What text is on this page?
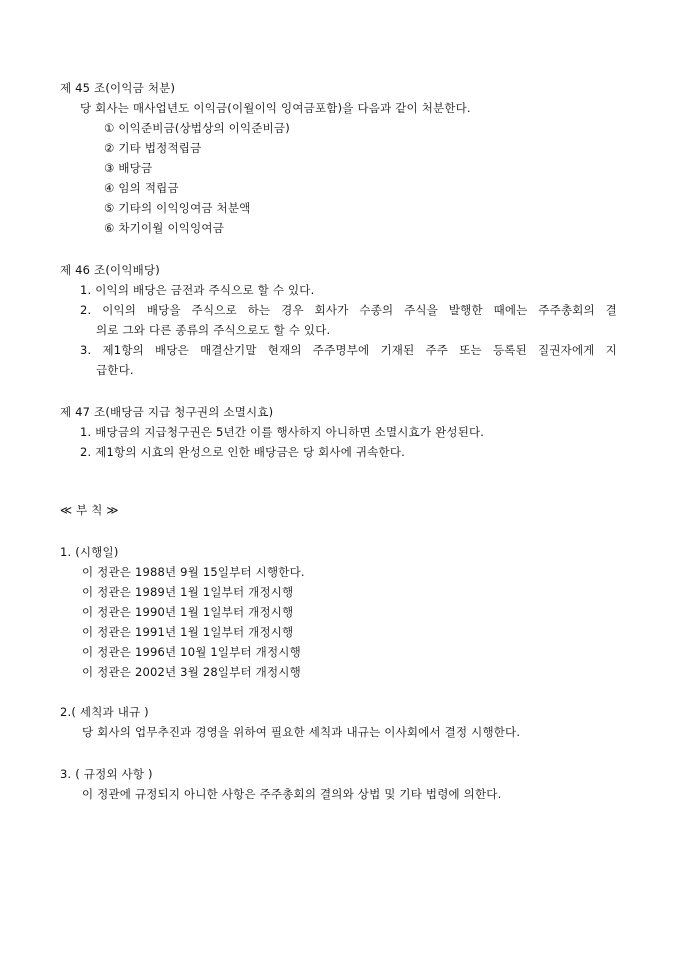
제 45 조(이익금 처분)
당 회사는 매사업년도 이익금(이월이익 잉여금포함)을 다음과 같이 처분한다.
① 이익준비금(상법상의 이익준비금)
② 기타 법정적립금
③ 배당금
④ 임의 적립금
⑤ 기타의 이익잉여금 처분액
⑥ 차기이월 이익잉여금
제 46 조(이익배당)
1. 이익의 배당은 금전과 주식으로 할 수 있다.
2. 이익의 배당을 주식으로 하는 경우 회사가 수종의 주식을 발행한 때에는 주주총회의 결
의로 그와 다른 종류의 주식으로도 할 수 있다.
3. 제1항의 배당은 매결산기말 현재의 주주명부에 기재된 주주 또는 등록된 질권자에게 지
급한다.
제 47 조(배당금 지급 청구권의 소멸시효)
1. 배당금의 지급청구권은 5년간 이를 행사하지 아니하면 소멸시효가 완성된다.
2. 제1항의 시효의 완성으로 인한 배당금은 당 회사에 귀속한다.
≪ 부 칙 ≫
1. (시행일)
이 정관은 1988년 9월 15일부터 시행한다.
이 정관은 1989년 1월 1일부터 개정시행
이 정관은 1990년 1월 1일부터 개정시행
이 정관은 1991년 1월 1일부터 개정시행
이 정관은 1996년 10월 1일부터 개정시행
이 정관은 2002년 3월 28일부터 개정시행
2.( 세칙과 내규 )
당 회사의 업무추진과 경영을 위하여 필요한 세칙과 내규는 이사회에서 결정 시행한다.
3. ( 규정외 사항 )
이 정관에 규정되지 아니한 사항은 주주총회의 결의와 상법 및 기타 법령에 의한다.
